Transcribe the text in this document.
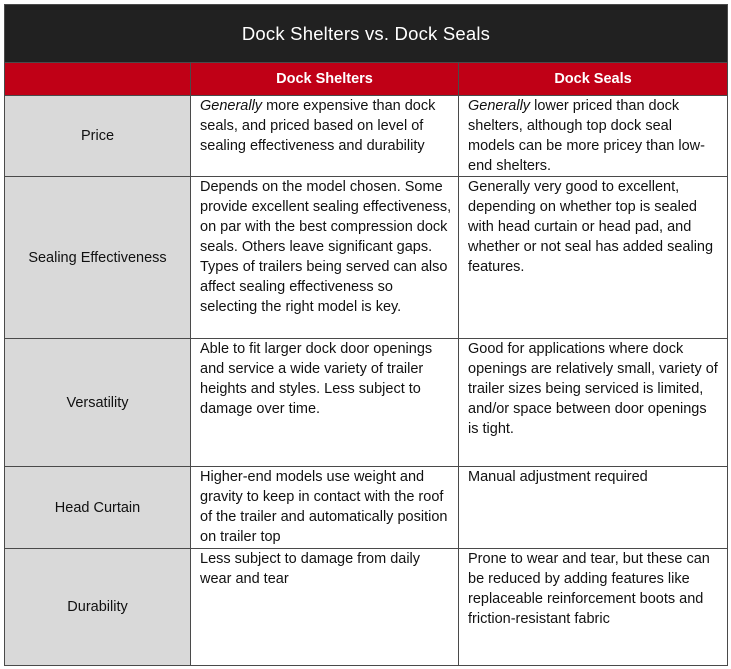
Dock Shelters vs. Dock Seals		
	Dock Shelters	Dock Seals
Price	Generally more expensive than dock seals, and priced based on level of sealing effectiveness and durability	Generally lower priced than dock shelters, although top dock seal models can be more pricey than low-end shelters.
Sealing Effectiveness	Depends on the model chosen. Some provide excellent sealing effectiveness, on par with the best compression dock seals. Others leave significant gaps. Types of trailers being served can also affect sealing effectiveness so selecting the right model is key.	Generally very good to excellent, depending on whether top is sealed with head curtain or head pad, and whether or not seal has added sealing features.
Versatility	Able to fit larger dock door openings and service a wide variety of trailer heights and styles. Less subject to damage over time.	Good for applications where dock openings are relatively small, variety of trailer sizes being serviced is limited, and/or space between door openings is tight.
Head Curtain	Higher-end models use weight and gravity to keep in contact with the roof of the trailer and automatically position on trailer top	Manual adjustment required
Durability	Less subject to damage from daily wear and tear	Prone to wear and tear, but these can be reduced by adding features like replaceable reinforcement boots and friction-resistant fabric
